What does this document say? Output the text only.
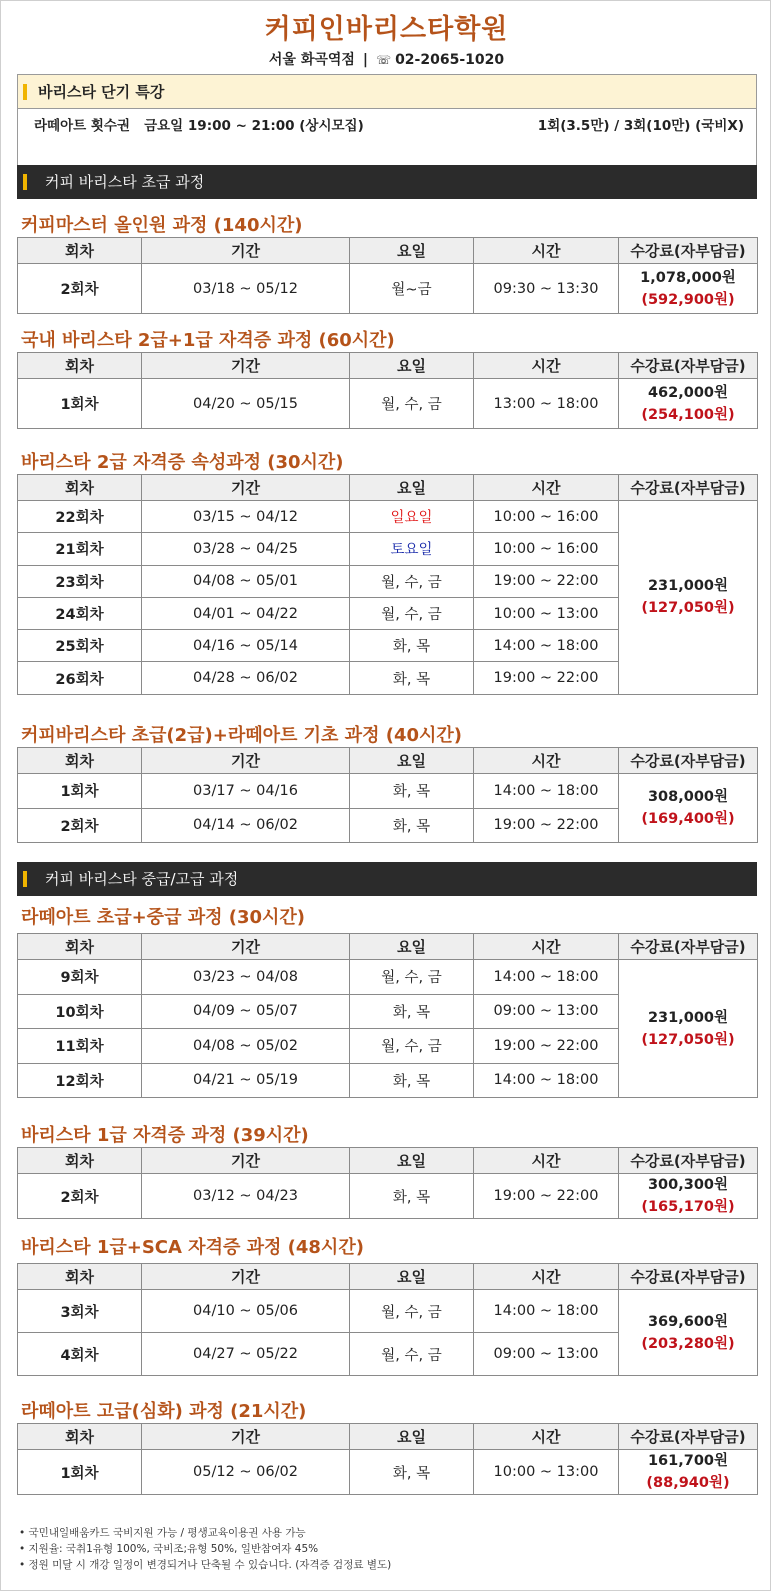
커피인바리스타학원
서울 화곡역점 | ☏ 02-2065-1020
바리스타 단기 특강
라떼아트 횟수권   금요일 19:00 ~ 21:00 (상시모집)	1회(3.5만) / 3회(10만) (국비X)
커피 바리스타 초급 과정
커피 바리스타 중급/고급 과정
커피마스터 올인원 과정 (140시간)
회차	기간	요일	시간	수강료(자부담금)
2회차	03/18 ~ 05/12	월~금	09:30 ~ 13:30	1,078,000원
(592,900원)
국내 바리스타 2급+1급 자격증 과정 (60시간)
회차	기간	요일	시간	수강료(자부담금)
1회차	04/20 ~ 05/15	월, 수, 금	13:00 ~ 18:00	462,000원
(254,100원)
바리스타 2급 자격증 속성과정 (30시간)
회차	기간	요일	시간	수강료(자부담금)
22회차	03/15 ~ 04/12	일요일	10:00 ~ 16:00	231,000원
(127,050원)

21회차	03/28 ~ 04/25	토요일	10:00 ~ 16:00	
23회차	04/08 ~ 05/01	월, 수, 금	19:00 ~ 22:00	
24회차	04/01 ~ 04/22	월, 수, 금	10:00 ~ 13:00	
25회차	04/16 ~ 05/14	화, 목	14:00 ~ 18:00	
26회차	04/28 ~ 06/02	화, 목	19:00 ~ 22:00	
커피바리스타 초급(2급)+라떼아트 기초 과정 (40시간)
회차	기간	요일	시간	수강료(자부담금)
1회차	03/17 ~ 04/16	화, 목	14:00 ~ 18:00	308,000원
(169,400원)

2회차	04/14 ~ 06/02	화, 목	19:00 ~ 22:00	
라떼아트 초급+중급 과정 (30시간)
회차	기간	요일	시간	수강료(자부담금)
9회차	03/23 ~ 04/08	월, 수, 금	14:00 ~ 18:00	231,000원
(127,050원)

10회차	04/09 ~ 05/07	화, 목	09:00 ~ 13:00	
11회차	04/08 ~ 05/02	월, 수, 금	19:00 ~ 22:00	
12회차	04/21 ~ 05/19	화, 목	14:00 ~ 18:00	
바리스타 1급 자격증 과정 (39시간)
회차	기간	요일	시간	수강료(자부담금)
2회차	03/12 ~ 04/23	화, 목	19:00 ~ 22:00	300,300원
(165,170원)
바리스타 1급+SCA 자격증 과정 (48시간)
회차	기간	요일	시간	수강료(자부담금)
3회차	04/10 ~ 05/06	월, 수, 금	14:00 ~ 18:00	369,600원
(203,280원)

4회차	04/27 ~ 05/22	월, 수, 금	09:00 ~ 13:00	
라떼아트 고급(심화) 과정 (21시간)
회차	기간	요일	시간	수강료(자부담금)
1회차	05/12 ~ 06/02	화, 목	10:00 ~ 13:00	161,700원
(88,940원)
• 국민내일배움카드 국비지원 가능 / 평생교육이용권 사용 가능
• 지원율: 국취1유형 100%, 국비조;유형 50%, 일반참여자 45%
• 정원 미달 시 개강 일정이 변경되거나 단축될 수 있습니다. (자격증 검정료 별도)
